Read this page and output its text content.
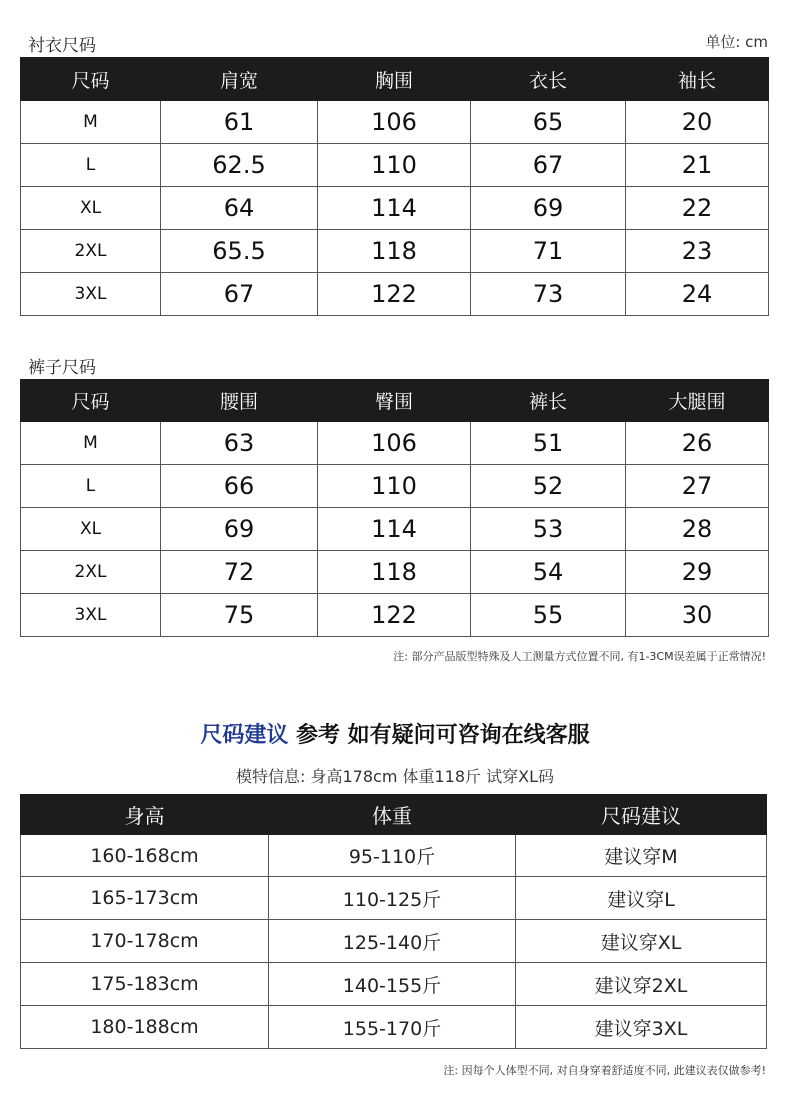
衬衣尺码	单位: cm
尺码	肩宽	胸围	衣长	袖长
M	61	106	65	20
L	62.5	110	67	21
XL	64	114	69	22
2XL	65.5	118	71	23
3XL	67	122	73	24
裤子尺码
尺码	腰围	臀围	裤长	大腿围
M	63	106	51	26
L	66	110	52	27
XL	69	114	53	28
2XL	72	118	54	29
3XL	75	122	55	30
注: 部分产品版型特殊及人工测量方式位置不同, 有1-3CM误差属于正常情况!
尺码建议 参考 如有疑问可咨询在线客服
模特信息: 身高178cm 体重118斤 试穿XL码
身高	体重	尺码建议
160-168cm	95-110斤	建议穿M
165-173cm	110-125斤	建议穿L
170-178cm	125-140斤	建议穿XL
175-183cm	140-155斤	建议穿2XL
180-188cm	155-170斤	建议穿3XL
注: 因每个人体型不同, 对自身穿着舒适度不同, 此建议表仅做参考!
